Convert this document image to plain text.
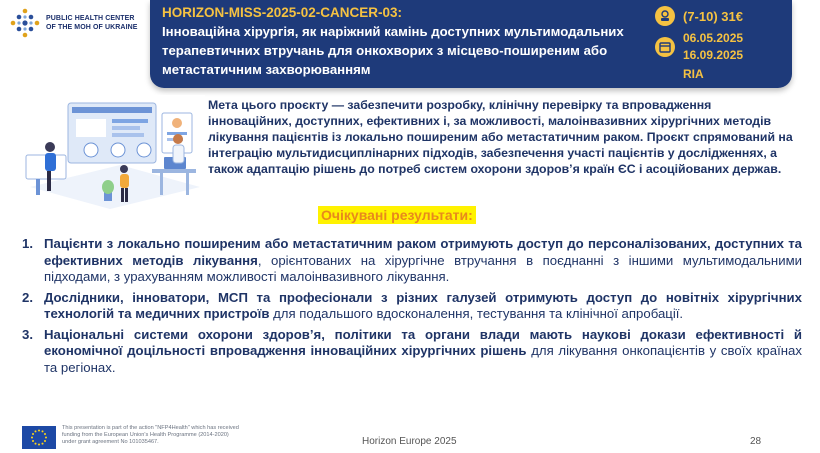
PUBLIC HEALTH CENTER
OF THE MOH OF UKRAINE
HORIZON-MISS-2025-02-CANCER-03:
Інноваційна хірургія, як наріжний камінь доступних мультимодальних терапевтичних втручань для онкохворих з місцево-поширеним або метастатичним захворюванням
(7-10) 31€
06.05.2025
16.09.2025
RIA
Мета цього проєкту — забезпечити розробку, клінічну перевірку та впровадження інноваційних, доступних, ефективних і, за можливості, малоінвазивних хірургічних методів лікування пацієнтів із локально поширеним або метастатичним раком. Проєкт спрямований на інтеграцію мультидисциплінарних підходів, забезпечення участі пацієнтів у дослідженнях, а також адаптацію рішень до потреб систем охорони здоров’я країн ЄС і асоційованих держав.
Очікувані результати:
1. Пацієнти з локально поширеним або метастатичним раком отримують доступ до персоналізованих, доступних та ефективних методів лікування, орієнтованих на хірургічне втручання в поєднанні з іншими мультимодальними підходами, з урахуванням можливості малоінвазивного лікування.
2. Дослідники, інноватори, МСП та професіонали з різних галузей отримують доступ до новітніх хірургічних технологій та медичних пристроїв для подальшого вдосконалення, тестування та клінічної апробації.
3. Національні системи охорони здоров’я, політики та органи влади мають наукові докази ефективності й економічної доцільності впровадження інноваційних хірургічних рішень для лікування онкопацієнтів у своїх країнах та регіонах.
This presentation is part of the action "NFP4Health" which has received funding from the European Union's Health Programme (2014-2020) under grant agreement No 101035467.	Horizon Europe 2025	28
